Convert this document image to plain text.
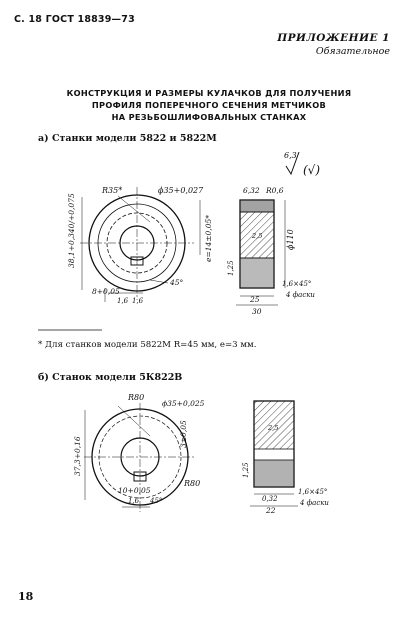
С. 18 ГОСТ 18839—73
ПРИЛОЖЕНИЕ 1
Обязательное
КОНСТРУКЦИЯ И РАЗМЕРЫ КУЛАЧКОВ ДЛЯ ПОЛУЧЕНИЯ
ПРОФИЛЯ ПОПЕРЕЧНОГО СЕЧЕНИЯ МЕТЧИКОВ
НА РЕЗЬБОШЛИФОВАЛЬНЫХ СТАНКАХ
а) Станки модели 5822 и 5822М
6,3
(√)
R35*	ϕ35+0,027
е=14±0,05*
38,1+0,340/+0,075
8+0,05
1,6
45°
1,6
6,32 R0,6
ϕ110
1,25
2,5
25
30
1,6×45°
4 фаски
R80
ϕ35+0,025
3±0,05
37,3+0,16
10+0,05
1,6 45°
R80
2,5
1,25
0,32
22
1,6×45°
4 фаски
* Для станков модели 5822М R=45 мм, е=3 мм.
б) Станок модели 5К822В
18
